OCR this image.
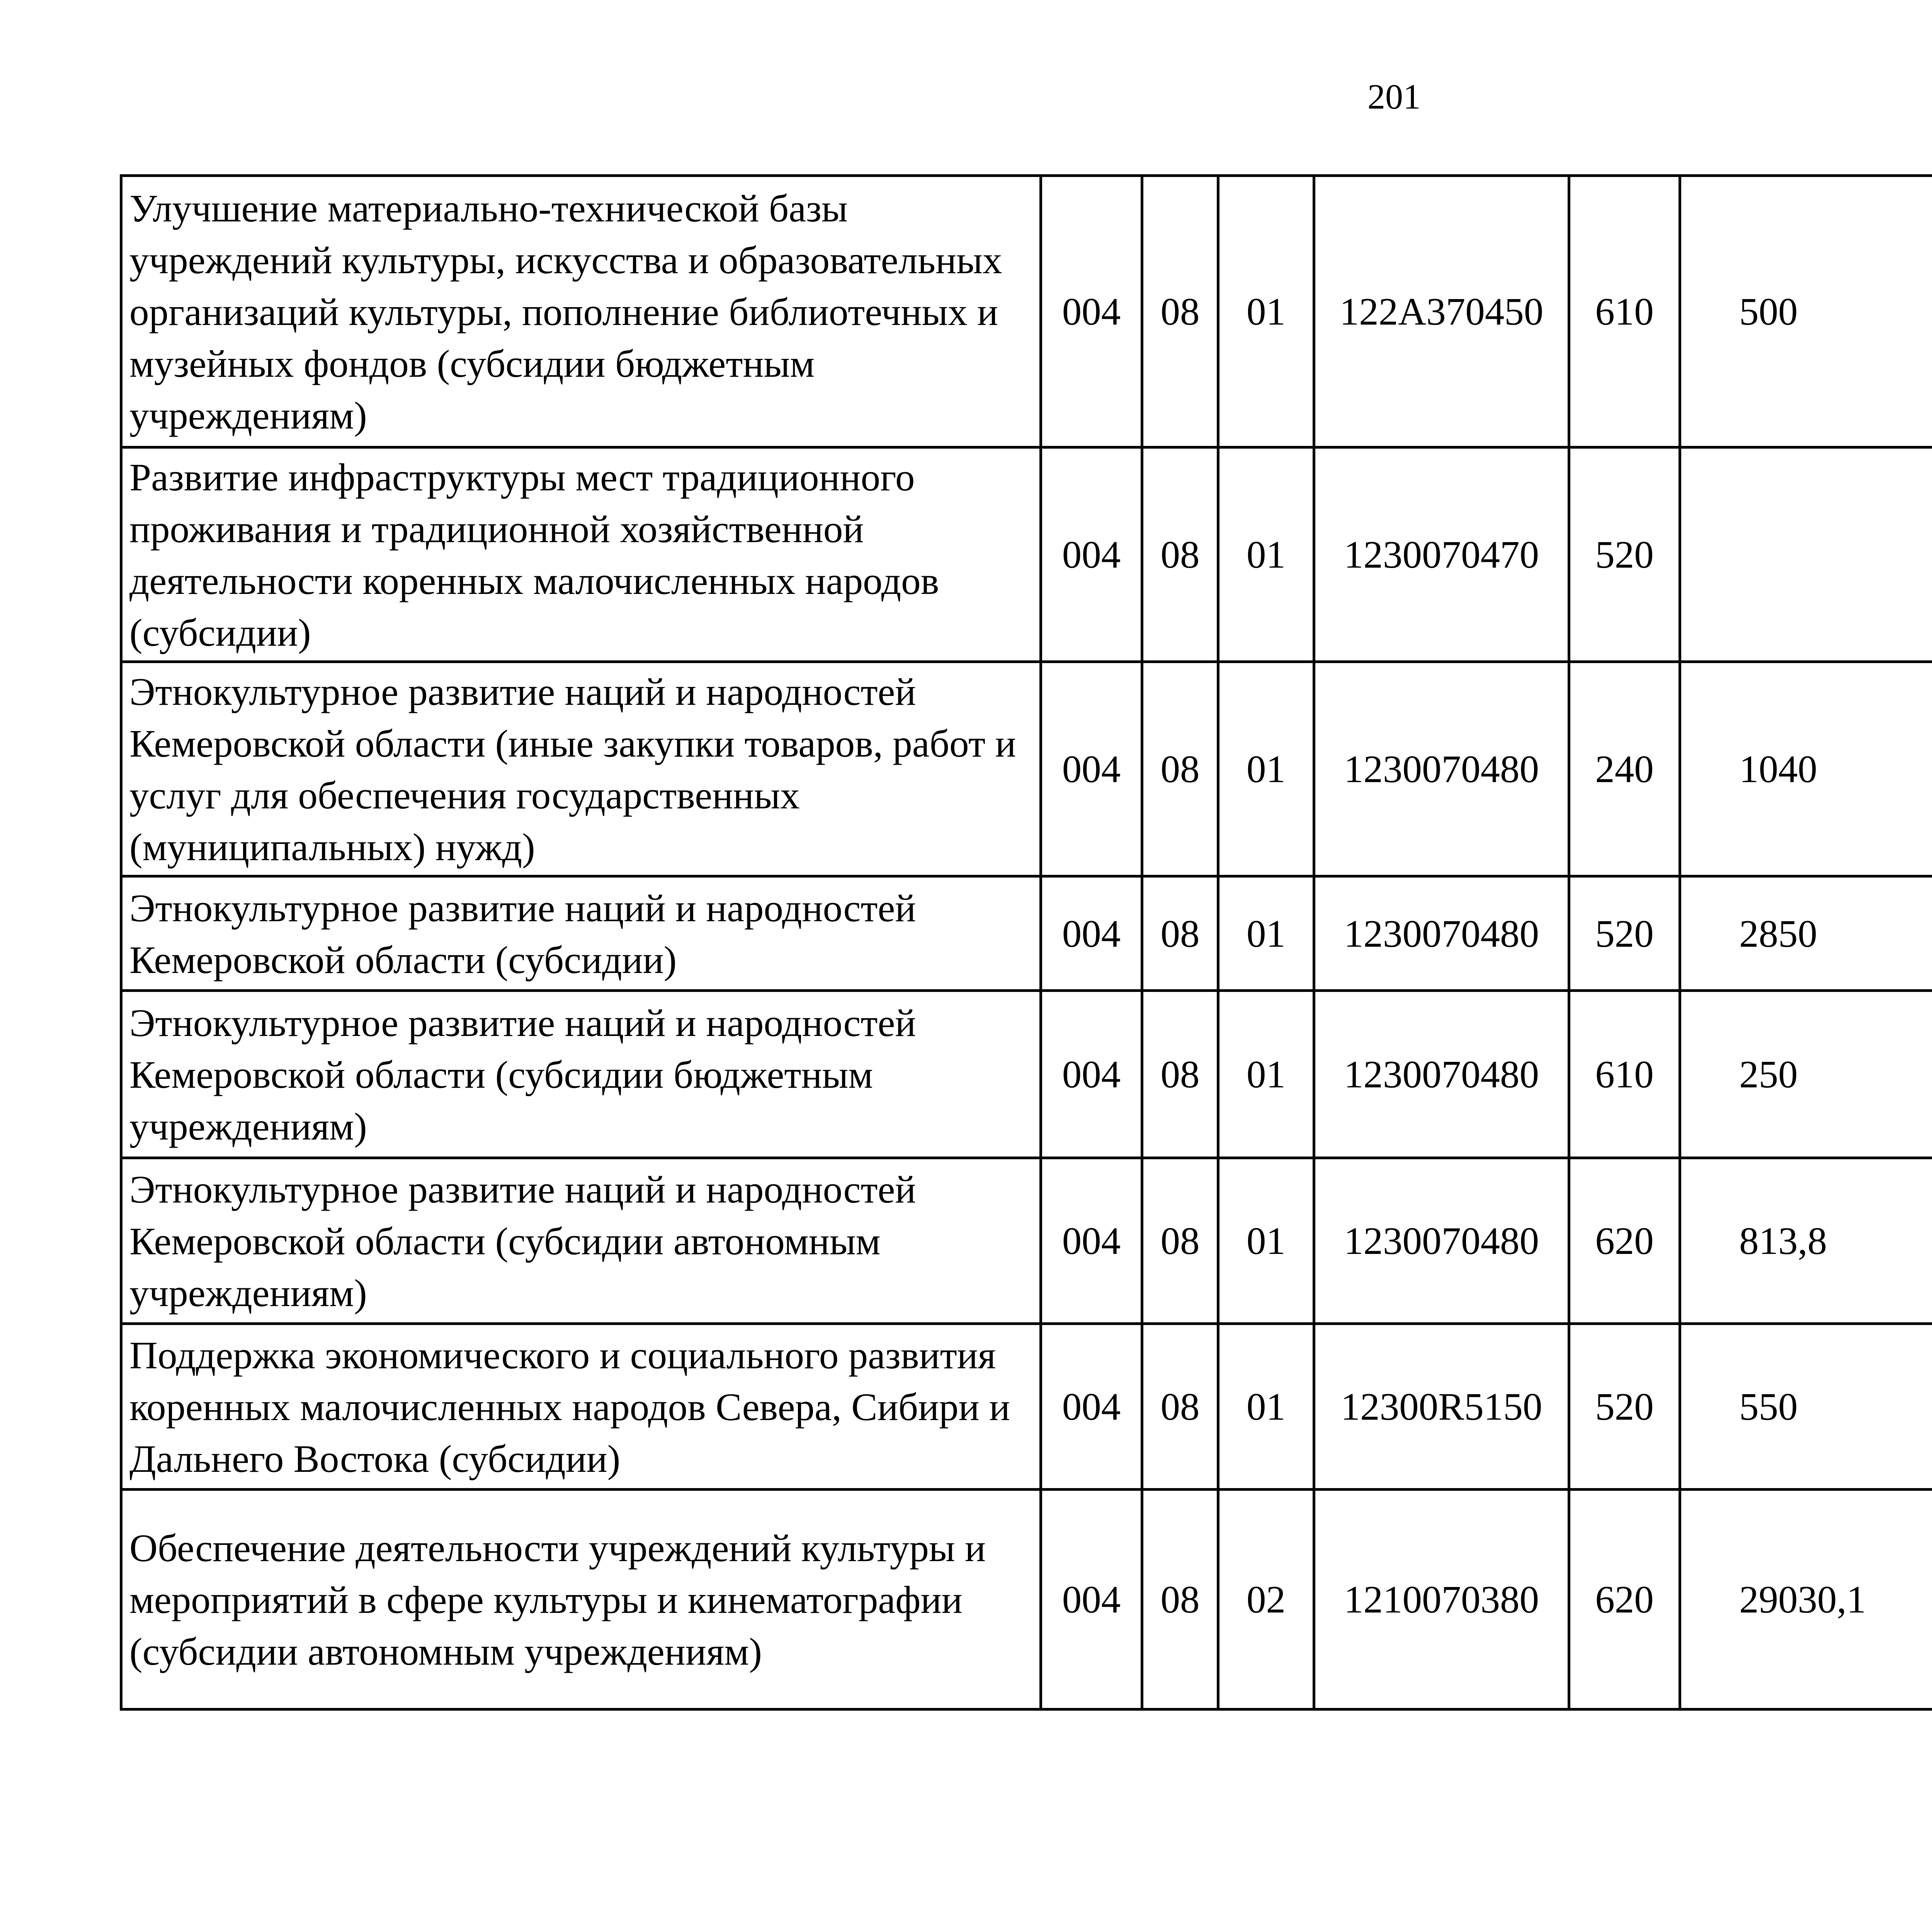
201
Улучшение материально-технической базы учреждений культуры, искусства и образовательных организаций культуры, пополнение библиотечных и музейных фондов (субсидии бюджетным учреждениям)	004	08	01	122А370450	610	500		
Развитие инфраструктуры мест традиционного проживания и традиционной хозяйственной деятельности коренных малочисленных народов (субсидии)	004	08	01	1230070470	520			
Этнокультурное развитие наций и народностей Кемеровской области (иные закупки товаров, работ и услуг для обеспечения государственных (муниципальных) нужд)	004	08	01	1230070480	240	1040		
Этнокультурное развитие наций и народностей Кемеровской области (субсидии)	004	08	01	1230070480	520	2850		
Этнокультурное развитие наций и народностей Кемеровской области (субсидии бюджетным учреждениям)	004	08	01	1230070480	610	250		
Этнокультурное развитие наций и народностей Кемеровской области (субсидии автономным учреждениям)	004	08	01	1230070480	620	813,8		
Поддержка экономического и социального развития коренных малочисленных народов Севера, Сибири и Дальнего Востока (субсидии)	004	08	01	12300R5150	520	550		
Обеспечение деятельности учреждений культуры и мероприятий в сфере культуры и кинематографии (субсидии автономным учреждениям)	004	08	02	1210070380	620	29030,1		
